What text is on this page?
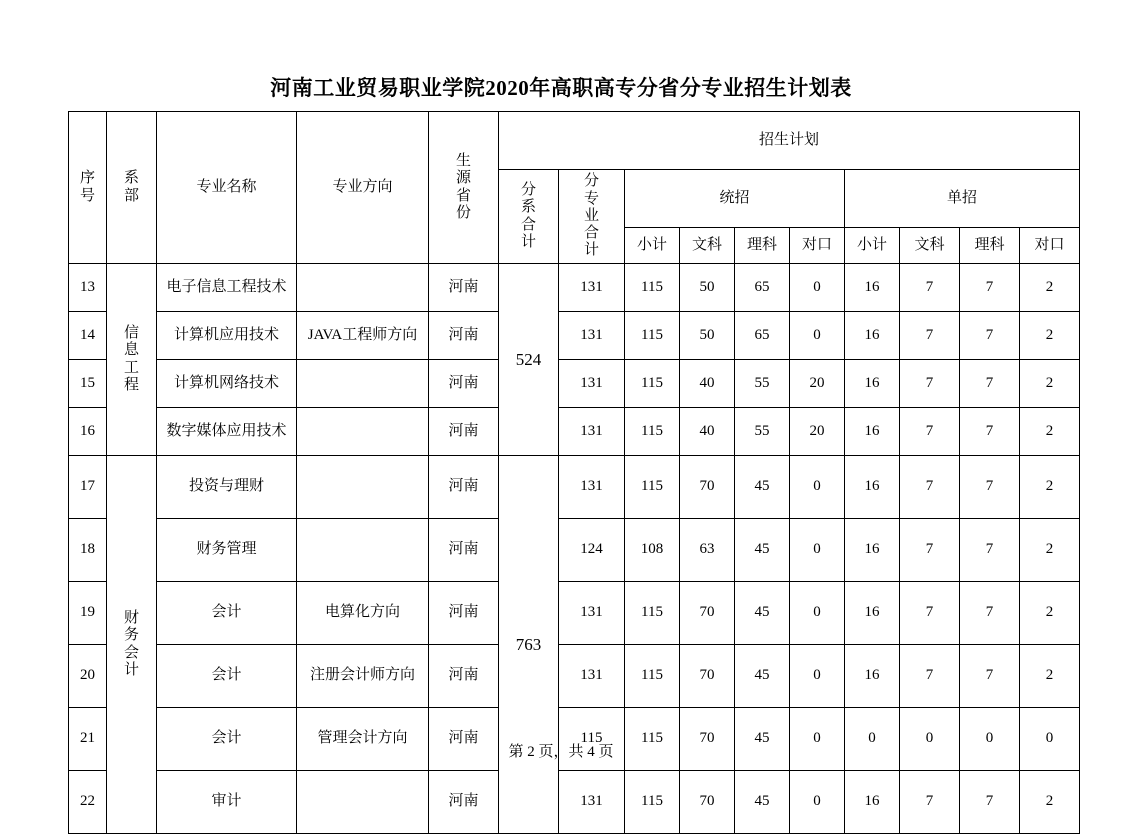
河南工业贸易职业学院2020年高职高专分省分专业招生计划表
序号	系部	专业名称	专业方向	生源省份	招生计划									
					分系合计	分专业合计	统招				单招			
							小计	文科	理科	对口	小计	文科	理科	对口
13	信息工程	电子信息工程技术		河南	524	131	115	50	65	0	16	7	7	2
14		计算机应用技术	JAVA工程师方向	河南		131	115	50	65	0	16	7	7	2
15		计算机网络技术		河南		131	115	40	55	20	16	7	7	2
16		数字媒体应用技术		河南		131	115	40	55	20	16	7	7	2
17	财务会计	投资与理财		河南	763	131	115	70	45	0	16	7	7	2
18		财务管理		河南		124	108	63	45	0	16	7	7	2
19		会计	电算化方向	河南		131	115	70	45	0	16	7	7	2
20		会计	注册会计师方向	河南		131	115	70	45	0	16	7	7	2
21		会计	管理会计方向	河南		115	115	70	45	0	0	0	0	0
22		审计		河南		131	115	70	45	0	16	7	7	2
第 2 页，共 4 页
